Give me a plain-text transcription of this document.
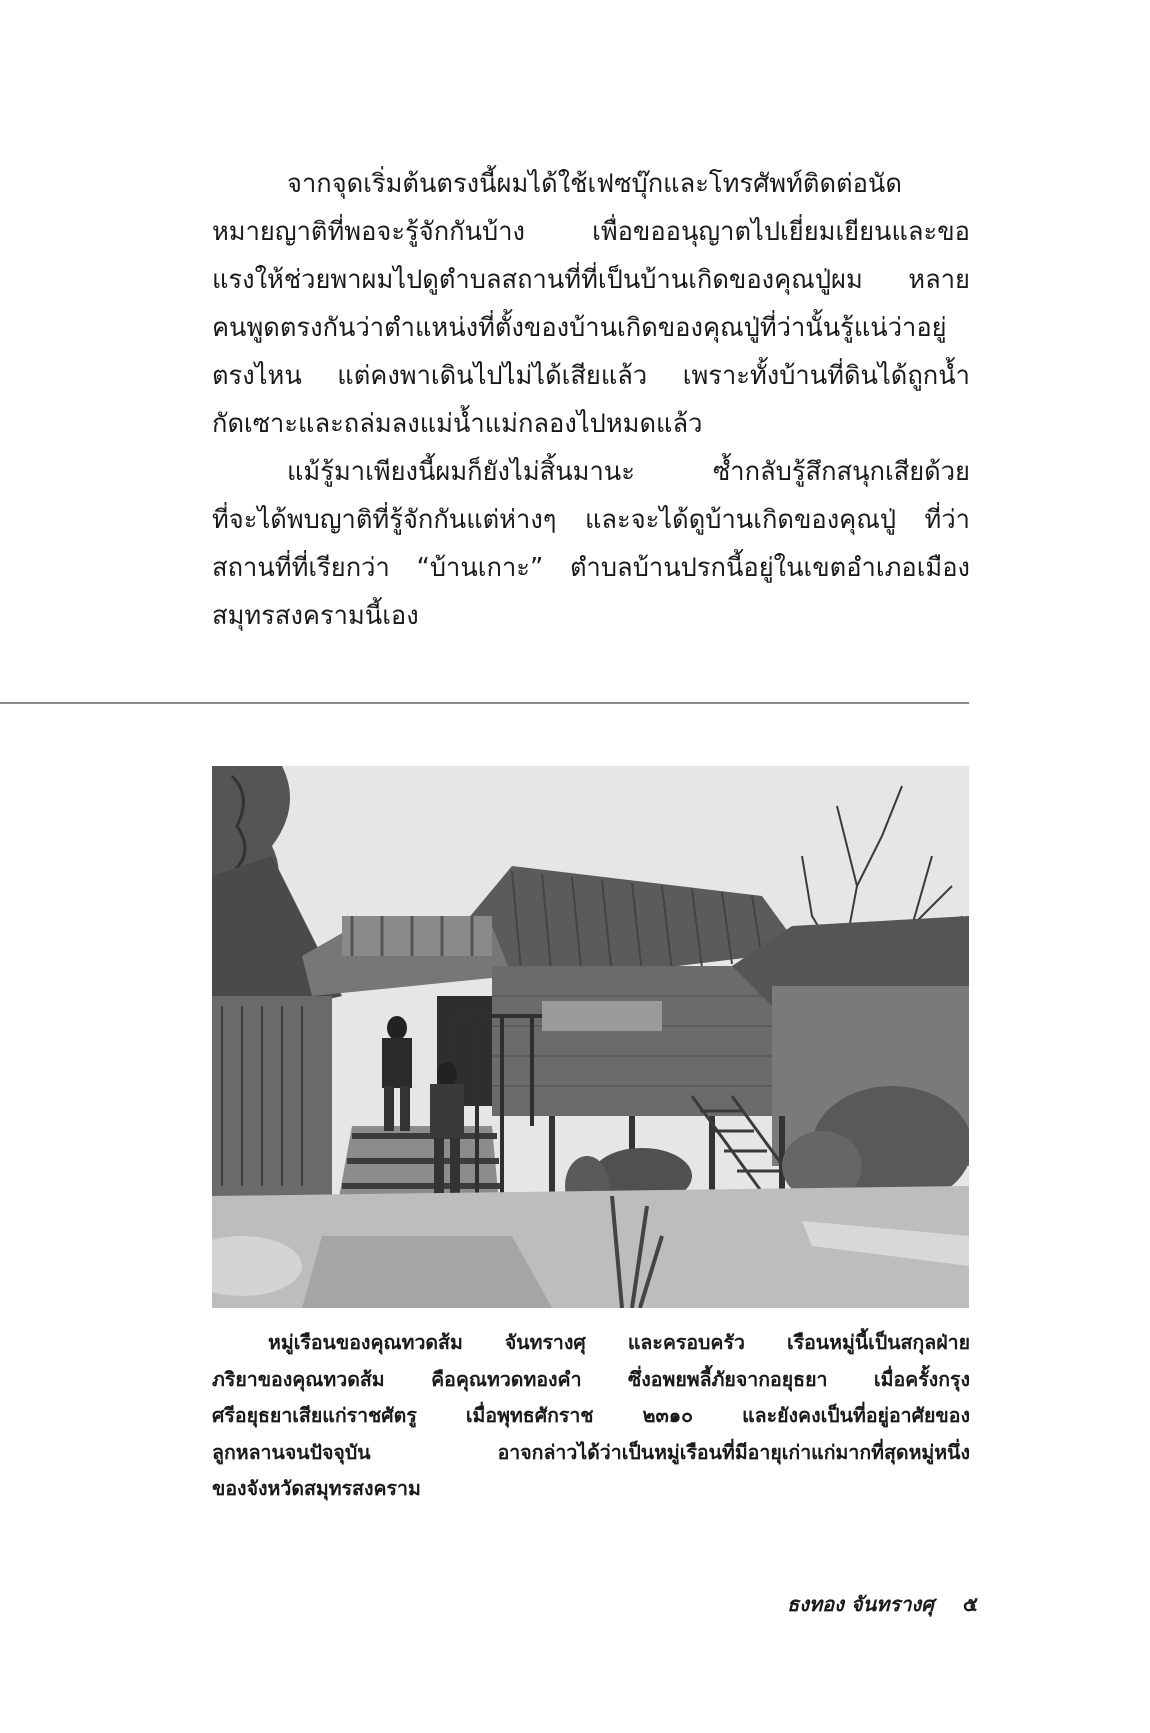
จากจุดเริ่มต้นตรงนี้ผมได้ใช้เฟซบุ๊กและโทรศัพท์ติดต่อนัด
หมายญาติที่พอจะรู้จักกันบ้าง เพื่อขออนุญาตไปเยี่ยมเยียนและขอ
แรงให้ช่วยพาผมไปดูตำบลสถานที่ที่เป็นบ้านเกิดของคุณปู่ผม หลาย
คนพูดตรงกันว่าตำแหน่งที่ตั้งของบ้านเกิดของคุณปู่ที่ว่านั้นรู้แน่ว่าอยู่
ตรงไหน แต่คงพาเดินไปไม่ได้เสียแล้ว เพราะทั้งบ้านที่ดินได้ถูกน้ำ
กัดเซาะและถล่มลงแม่น้ำแม่กลองไปหมดแล้ว
แม้รู้มาเพียงนี้ผมก็ยังไม่สิ้นมานะ ซ้ำกลับรู้สึกสนุกเสียด้วย
ที่จะได้พบญาติที่รู้จักกันแต่ห่างๆ และจะได้ดูบ้านเกิดของคุณปู่ ที่ว่า
สถานที่ที่เรียกว่า “บ้านเกาะ” ตำบลบ้านปรกนี้อยู่ในเขตอำเภอเมือง
สมุทรสงครามนี้เอง
หมู่เรือนของคุณทวดส้ม จันทรางศุ และครอบครัว เรือนหมู่นี้เป็นสกุลฝ่าย
ภริยาของคุณทวดส้ม คือคุณทวดทองคำ ซึ่งอพยพลี้ภัยจากอยุธยา เมื่อครั้งกรุง
ศรีอยุธยาเสียแก่ราชศัตรู เมื่อพุทธศักราช ๒๓๑๐ และยังคงเป็นที่อยู่อาศัยของ
ลูกหลานจนปัจจุบัน อาจกล่าวได้ว่าเป็นหมู่เรือนที่มีอายุเก่าแก่มากที่สุดหมู่หนึ่ง
ของจังหวัดสมุทรสงคราม
ธงทอง จันทรางศุ ๕
